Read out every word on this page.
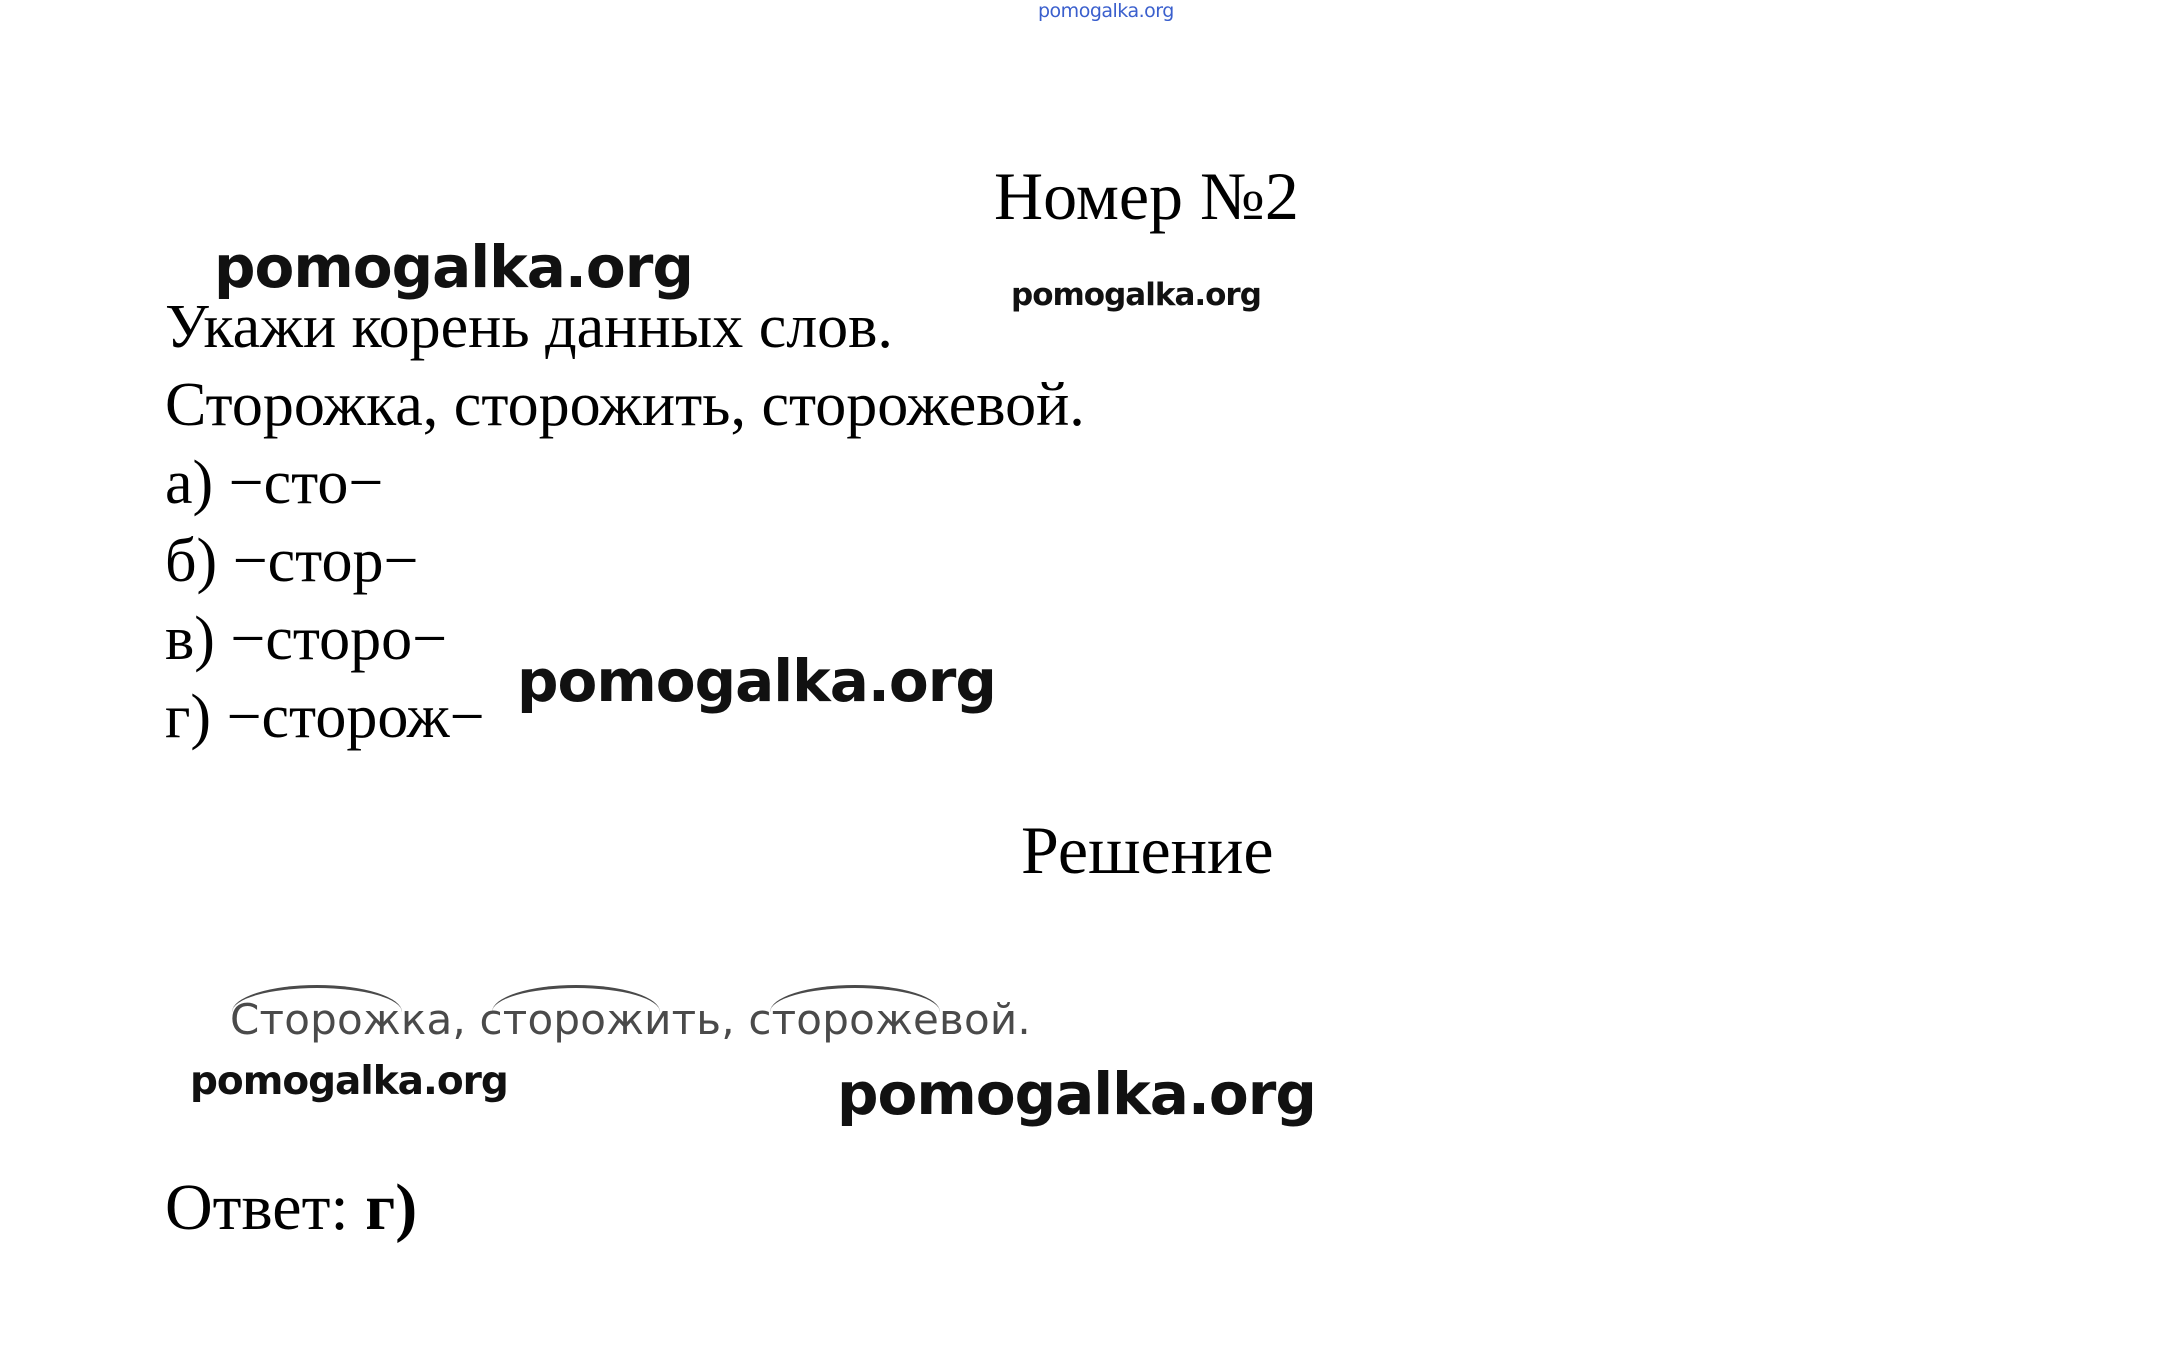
pomogalka.org
Номер №2
Укажи корень данных слов.
Сторожка, сторожить, сторожевой.
а) −сто−
б) −стор−
в) −сторо−
г) −сторож−
Решение
Сторожка, сторожить, сторожевой.
Ответ: г)
pomogalka.org	pomogalka.org
pomogalka.org
pomogalka.org	pomogalka.org
